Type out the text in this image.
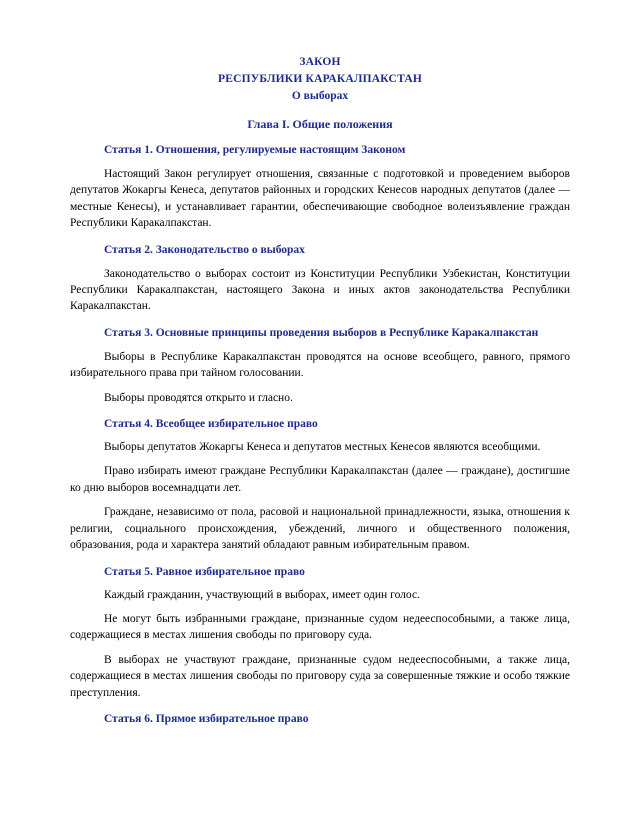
ЗАКОН
РЕСПУБЛИКИ КАРАКАЛПАКСТАН
О выборах
Глава I. Общие положения
Статья 1. Отношения, регулируемые настоящим Законом

Настоящий Закон регулирует отношения, связанные с подготовкой и проведением выборов депутатов Жокаргы Кенеса, депутатов районных и городских Кенесов народных депутатов (далее — местные Кенесы), и устанавливает гарантии, обеспечивающие свободное волеизъявление граждан Республики Каракалпакстан.

Статья 2. Законодательство о выборах

Законодательство о выборах состоит из Конституции Республики Узбекистан, Конституции Республики Каракалпакстан, настоящего Закона и иных актов законодательства Республики Каракалпакстан.

Статья 3. Основные принципы проведения выборов в Республике Каракалпакстан

Выборы в Республике Каракалпакстан проводятся на основе всеобщего, равного, прямого избирательного права при тайном голосовании.

Выборы проводятся открыто и гласно.

Статья 4. Всеобщее избирательное право

Выборы депутатов Жокаргы Кенеса и депутатов местных Кенесов являются всеобщими.

Право избирать имеют граждане Республики Каракалпакстан (далее — граждане), достигшие ко дню выборов восемнадцати лет.

Граждане, независимо от пола, расовой и национальной принадлежности, языка, отношения к религии, социального происхождения, убеждений, личного и общественного положения, образования, рода и характера занятий обладают равным избирательным правом.

Статья 5. Равное избирательное право

Каждый гражданин, участвующий в выборах, имеет один голос.

Не могут быть избранными граждане, признанные судом недееспособными, а также лица, содержащиеся в местах лишения свободы по приговору суда.

В выборах не участвуют граждане, признанные судом недееспособными, а также лица, содержащиеся в местах лишения свободы по приговору суда за совершенные тяжкие и особо тяжкие преступления.

Статья 6. Прямое избирательное право
